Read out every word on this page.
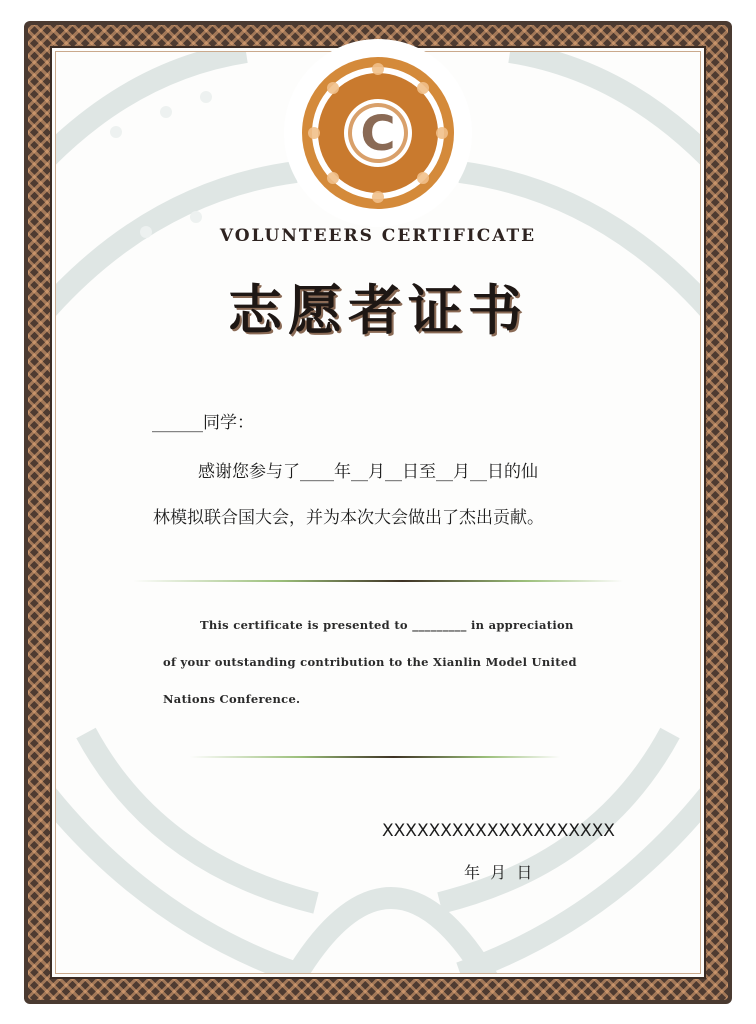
C
VOLUNTEERS CERTIFICATE
志愿者证书
______同学：
感谢您参与了____年__月__日至__月__日的仙
林模拟联合国大会，并为本次大会做出了杰出贡献。
This certificate is presented to _________ in appreciation
of your outstanding contribution to the Xianlin Model United
Nations Conference.
XXXXXXXXXXXXXXXXXXXX
年  月  日
